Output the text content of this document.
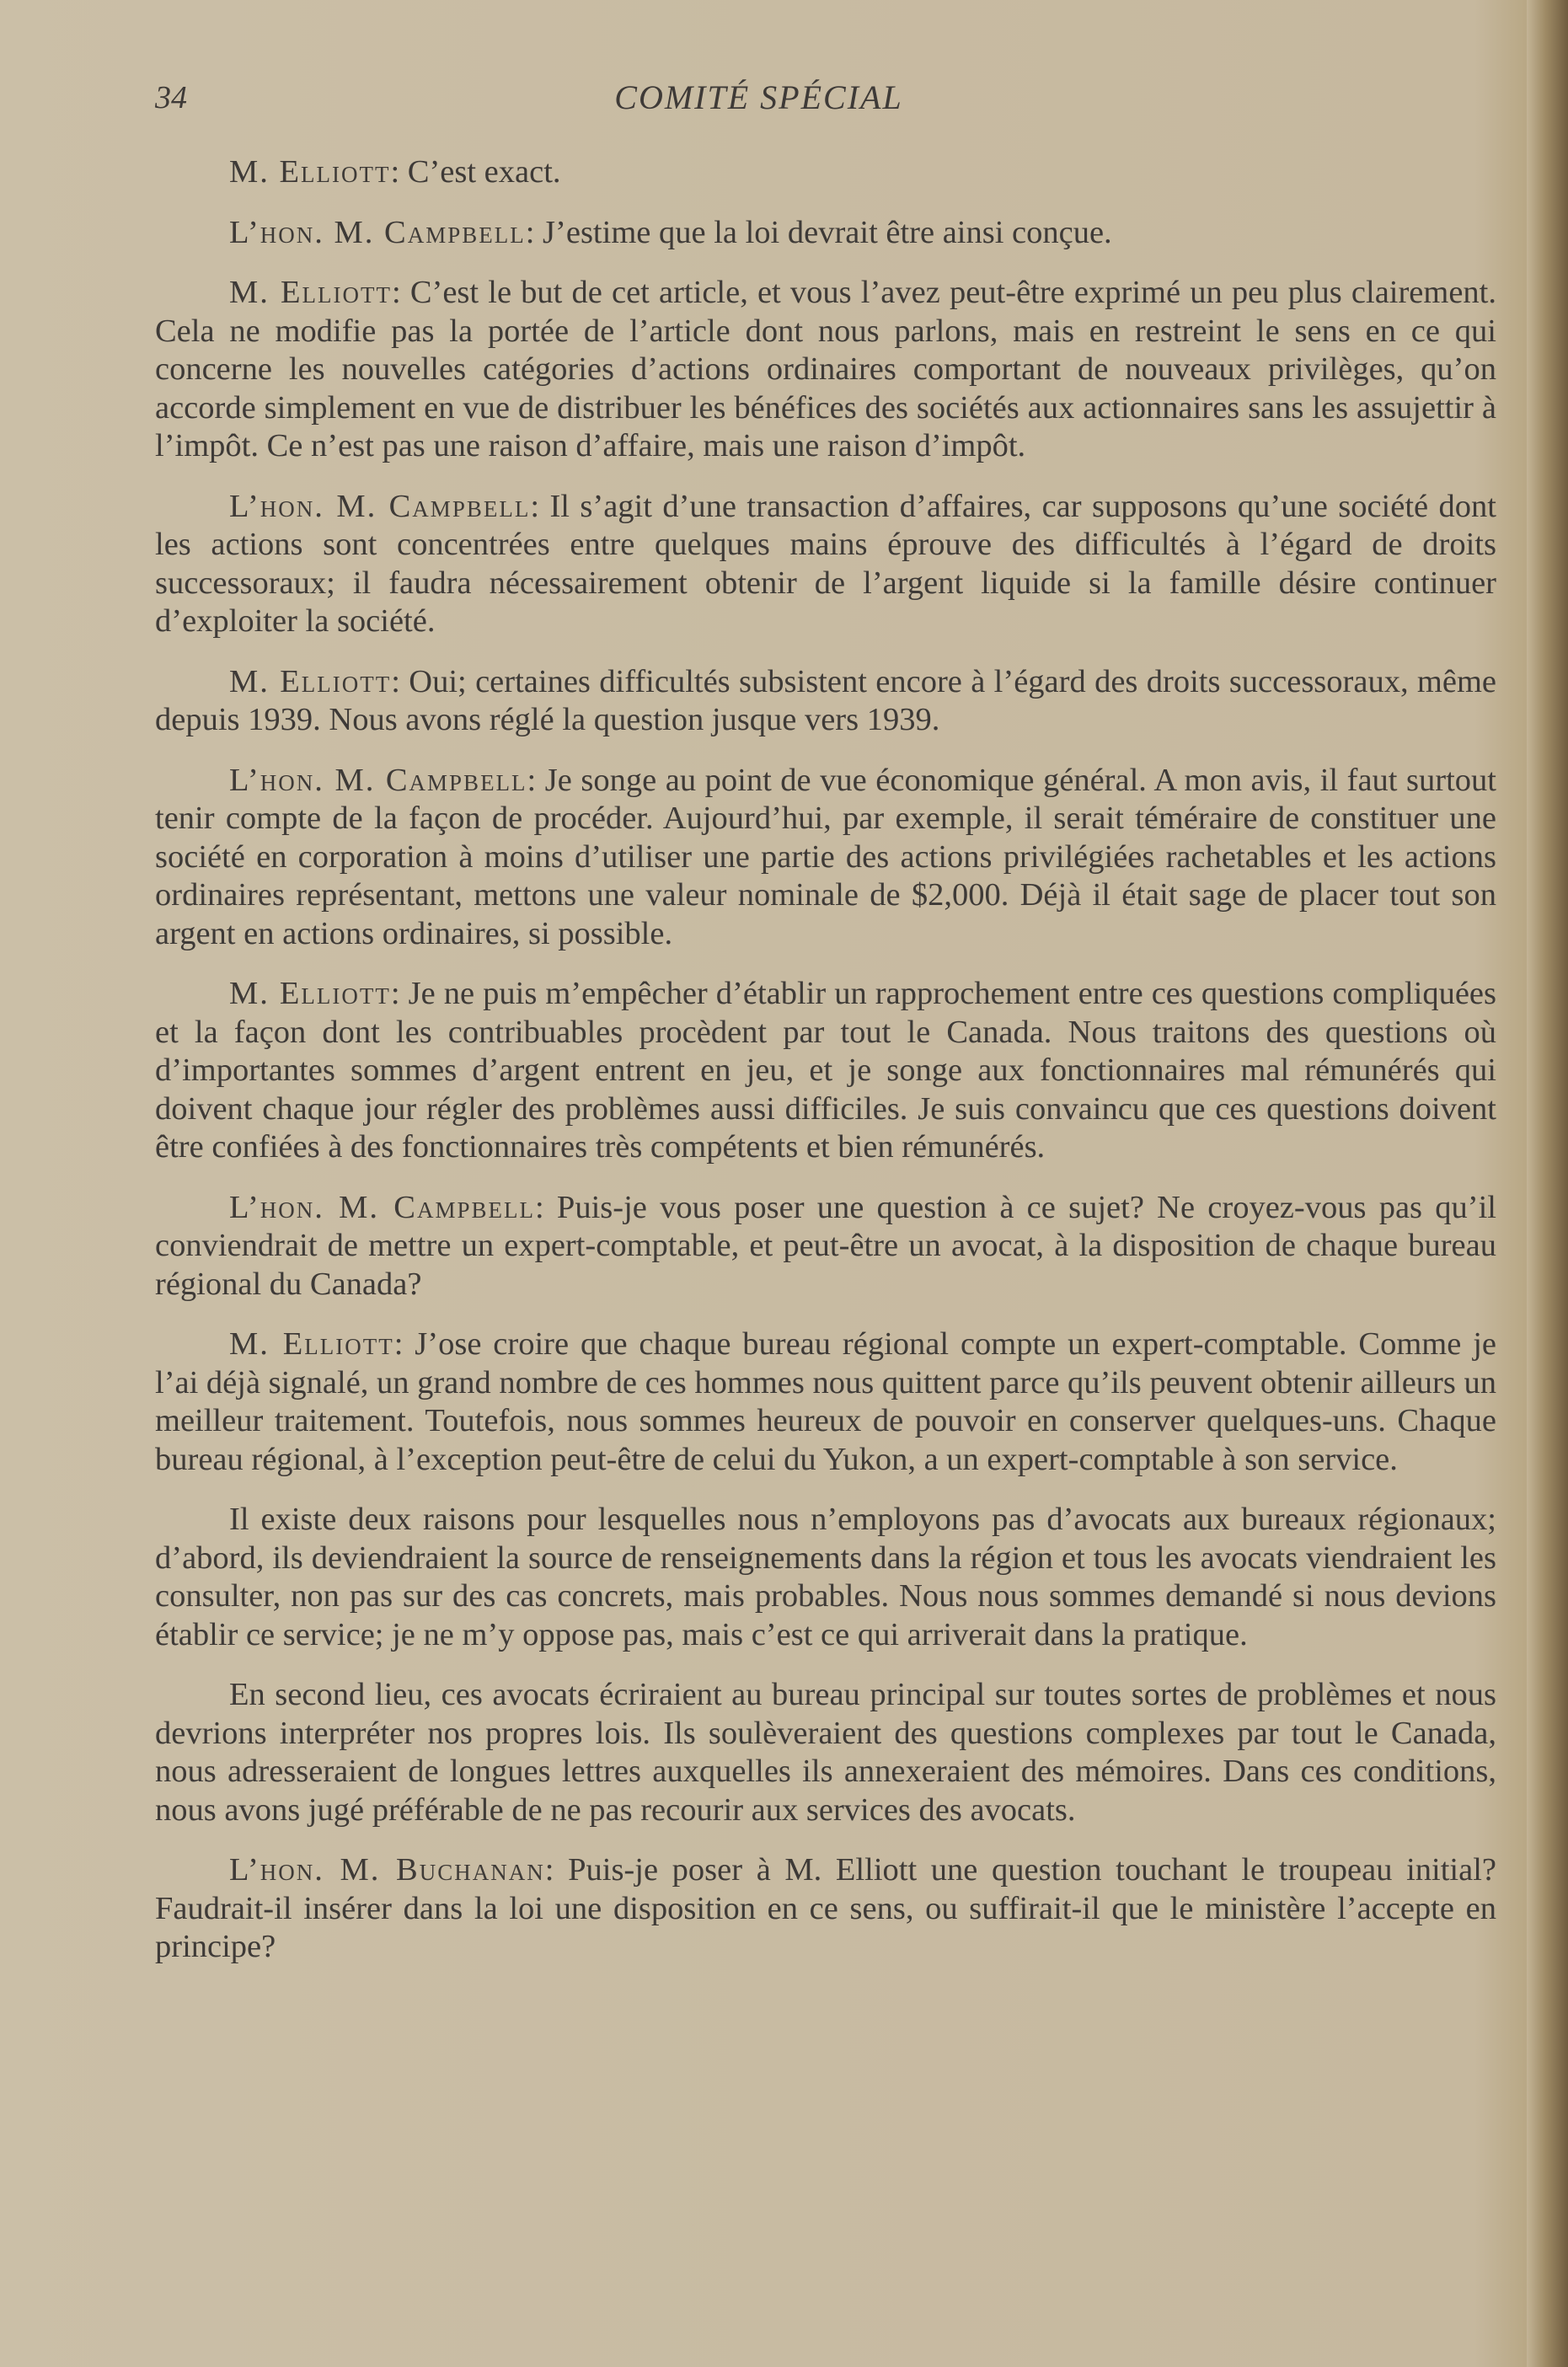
34	COMITÉ SPÉCIAL

M. Elliott: C’est exact.

L’hon. M. Campbell: J’estime que la loi devrait être ainsi conçue.

M. Elliott: C’est le but de cet article, et vous l’avez peut-être exprimé un peu plus clairement. Cela ne modifie pas la portée de l’article dont nous parlons, mais en restreint le sens en ce qui concerne les nouvelles catégories d’actions ordinaires comportant de nouveaux privilèges, qu’on accorde simplement en vue de distribuer les bénéfices des sociétés aux actionnaires sans les assujettir à l’impôt. Ce n’est pas une raison d’affaire, mais une raison d’impôt.

L’hon. M. Campbell: Il s’agit d’une transaction d’affaires, car supposons qu’une société dont les actions sont concentrées entre quelques mains éprouve des difficultés à l’égard de droits successoraux; il faudra nécessairement obtenir de l’argent liquide si la famille désire continuer d’exploiter la société.

M. Elliott: Oui; certaines difficultés subsistent encore à l’égard des droits successoraux, même depuis 1939. Nous avons réglé la question jusque vers 1939.

L’hon. M. Campbell: Je songe au point de vue économique général. A mon avis, il faut surtout tenir compte de la façon de procéder. Aujourd’hui, par exemple, il serait téméraire de constituer une société en corporation à moins d’utiliser une partie des actions privilégiées rachetables et les actions ordinaires représentant, mettons une valeur nominale de $2,000. Déjà il était sage de placer tout son argent en actions ordinaires, si possible.

M. Elliott: Je ne puis m’empêcher d’établir un rapprochement entre ces questions compliquées et la façon dont les contribuables procèdent par tout le Canada. Nous traitons des questions où d’importantes sommes d’argent entrent en jeu, et je songe aux fonctionnaires mal rémunérés qui doivent chaque jour régler des problèmes aussi difficiles. Je suis convaincu que ces questions doivent être confiées à des fonctionnaires très compétents et bien rémunérés.

L’hon. M. Campbell: Puis-je vous poser une question à ce sujet? Ne croyez-vous pas qu’il conviendrait de mettre un expert-comptable, et peut-être un avocat, à la disposition de chaque bureau régional du Canada?

M. Elliott: J’ose croire que chaque bureau régional compte un expert-comptable. Comme je l’ai déjà signalé, un grand nombre de ces hommes nous quittent parce qu’ils peuvent obtenir ailleurs un meilleur traitement. Toutefois, nous sommes heureux de pouvoir en conserver quelques-uns. Chaque bureau régional, à l’exception peut-être de celui du Yukon, a un expert-comptable à son service.

Il existe deux raisons pour lesquelles nous n’employons pas d’avocats aux bureaux régionaux; d’abord, ils deviendraient la source de renseignements dans la région et tous les avocats viendraient les consulter, non pas sur des cas concrets, mais probables. Nous nous sommes demandé si nous devions établir ce service; je ne m’y oppose pas, mais c’est ce qui arriverait dans la pratique.

En second lieu, ces avocats écriraient au bureau principal sur toutes sortes de problèmes et nous devrions interpréter nos propres lois. Ils soulèveraient des questions complexes par tout le Canada, nous adresseraient de longues lettres auxquelles ils annexeraient des mémoires. Dans ces conditions, nous avons jugé préférable de ne pas recourir aux services des avocats.

L’hon. M. Buchanan: Puis-je poser à M. Elliott une question touchant le troupeau initial? Faudrait-il insérer dans la loi une disposition en ce sens, ou suffirait-il que le ministère l’accepte en principe?
